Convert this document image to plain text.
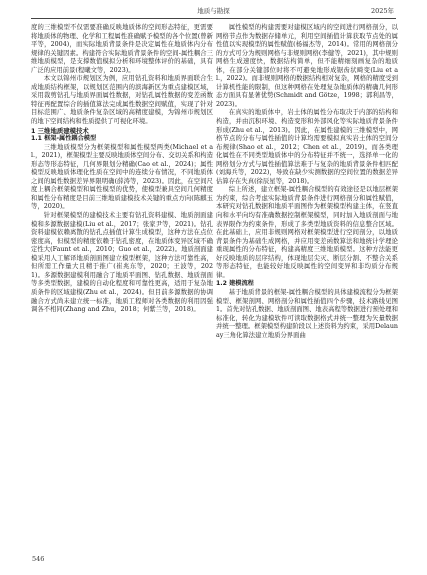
地质与勘探	2025年

度的三维模型不仅需要准确反映地质体的空间形态特征，更需要将地质体的物理、化学和工程属性准确赋予模型的各个位置(曾新平等，2004)，而实际地质背景条件是决定属性在地质体内分布规律的关键因素。构建符合实际地质背景条件的空间-属性耦合三维地质模型，是支撑数值模拟分析和环境整体评价的基础，具有广泛的应用前景(程曦文等，2023)。

本文以锦州市规划区为例，应用钻孔资料和地质界面联合生成地质结构框架，以规划区范围内的滨海新区为重点建模区域，采用裁剪钻孔与地质界面属性数据，对钻孔属性数据的变差函数特征再配置综合的插值算法完成属性数据空间赋值，实现了针对目标范围广、地质条件复杂区域的高精度建模，为锦州市规划区的地下空间结构和性质提供了可视化环境。

1 三维地质建模技术

1.1 框架-属性耦合模型

三维地质模型分为框架模型和属性模型两类(Michael et al.，2021)，框架模型主要反映地质体空间分布、交切关系和构造形态等形态特征，几何界限划分精确(Cao et al.，2024)；属性模型反映地质体理化性质在空间中的连续分布情况，不同地质体之间的属性数据差异界限明确(薛涛等，2023)。因此，在空间尺度上耦合框架模型和属性模型的优势，使模型兼具空间几何精度和属性分布精度是目前三维地质建模技术关键的重点方向(陈麒玉等，2020)。

针对框架模型的建模技术主要有钻孔资料建模、地质剖面建模和多源数据建模(Liu et al.，2017；张家尹等，2021)。钻孔资料建模依赖离散的钻孔点插值计算生成模型，这种方法在点位密度高，但模型的精度依赖于钻孔密度，在地质体变异区域不确定性大(Faunt et al.，2010；Guo et al.，2022)。地质剖面建模采用人工解译地质剖面图建立模型框架，这种方法可靠性高，但所需工作量大且精于推广(崔兆东等，2020；王波等，2021)。多源数据建模利用融合了地质平面图、钻孔数据、地质剖面等多类型数据，建模的自动化程度和可靠性更高，适用于复杂地质条件的区域建模(Zhu et al.，2024)。但目前多源数据的协调融合方式尚未建立统一标准，地质工程师对各类数据的利用因强调各不相同(Zhang and Zhu，2018；何紫兰等，2018)。

属性模型的构建需要对建模区域内的空间进行网格剖分，以网格节点作为数据存储单元，利用空间插值计算获取节点处的属性值以实现模型的属性赋值(杨福杰等，2014)。常用的网格剖分的方式可分为规则网格与非规则网格(李健等，2021)，其中规则网格生成速度快，数据结构简单，但不能精细刻画复杂的地质体，在部分关键部位时将不可避免地形成锯齿状畸变(Liu et al.，2022)。而非规则网格的数据结构相对复杂，网格的精度受到计算机性能的限制，但这种网格在处理复杂地质体的精确几何形态方面具有显著优势(Schmidt and Götze，1998；郭利昌等，2023)。

在真实的地质体中，岩土体的属性分布取决于内部的结构和构造，并由沉积环境、构造变形和外部风化等实际地质背景条件形成(Zhu et al.，2013)。因此，在属性建模的三维模型中，网格节点的分布与属性插值的计算均需要模拟真实岩土体的空间分布规律(Shao et al.，2012；Chen et al.，2019)。而各类理化属性在不同类型地质体中的分布特征并不统一，选择单一化的网格划分方式与属性插值算法难于与复杂的地质背景条件相匹配(刘海兵等，2022)，导致在缺少实测数据的空间位置的数据差异估算存在失真(徐辰星等，2018)。

综上所述，建立框架-属性耦合模型的有效途径是以地层框架为约束，综合考虑实际地质背景条件进行网格剖分和属性赋值，本研究对钻孔数据和地质平面图作为框架模型构建主体，在竖直向和水平向均有准确数据控制框架模型，同时加入地质剖面与地表界限作为约束条件，形成了多类型地质资料的信息整合区域。在此基础上，应用非规则网格对框架模型进行空间剖分，以地质背景条件为基础生成网格，并应用变差函数算法和地统计学理论重现属性的分布特征，构建高精度三维地质模型。这种方法能更好反映地质的层序结构，体现地层尖灭、断层分割、不整合关系等形态特征，也能较好地反映属性的空间变异和非均质分布规律。

1.2 建模流程

基于地质背景的框架-属性耦合模型的具体建模流程分为框架模型、框架剖网、网格剖分和属性插值四个步骤，技术路线见图1。首先对钻孔数据、地质剖面图、地表高程等数据进行预处理和标准化，转化为建模软件可读取数据格式并统一整理为矢量数据并统一整理。框架模型构建阶段以上述资料为约束，采用Delaunay三角化算法建立地质分界面曲

546
